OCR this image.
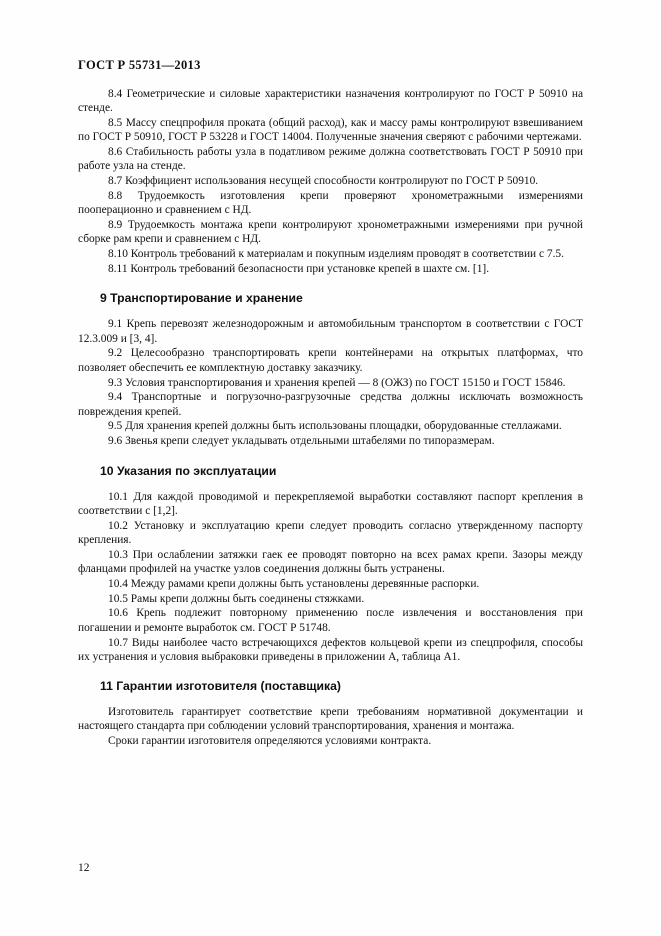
ГОСТ Р 55731—2013

8.4 Геометрические и силовые характеристики назначения контролируют по ГОСТ Р 50910 на стенде.

8.5 Массу спецпрофиля проката (общий расход), как и массу рамы контролируют взвешиванием по ГОСТ Р 50910, ГОСТ Р 53228 и ГОСТ 14004. Полученные значения сверяют с рабочими чертежами.

8.6 Стабильность работы узла в податливом режиме должна соответствовать ГОСТ Р 50910 при работе узла на стенде.

8.7 Коэффициент использования несущей способности контролируют по ГОСТ Р 50910.

8.8 Трудоемкость изготовления крепи проверяют хронометражными измерениями пооперационно и сравнением с НД.

8.9 Трудоемкость монтажа крепи контролируют хронометражными измерениями при ручной сборке рам крепи и сравнением с НД.

8.10 Контроль требований к материалам и покупным изделиям проводят в соответствии с 7.5.

8.11 Контроль требований безопасности при установке крепей в шахте см. [1].

9 Транспортирование и хранение

9.1 Крепь перевозят железнодорожным и автомобильным транспортом в соответствии с ГОСТ 12.3.009 и [3, 4].

9.2 Целесообразно транспортировать крепи контейнерами на открытых платформах, что позволяет обеспечить ее комплектную доставку заказчику.

9.3 Условия транспортирования и хранения крепей — 8 (ОЖЗ) по ГОСТ 15150 и ГОСТ 15846.

9.4 Транспортные и погрузочно-разгрузочные средства должны исключать возможность повреждения крепей.

9.5 Для хранения крепей должны быть использованы площадки, оборудованные стеллажами.

9.6 Звенья крепи следует укладывать отдельными штабелями по типоразмерам.

10 Указания по эксплуатации

10.1 Для каждой проводимой и перекрепляемой выработки составляют паспорт крепления в соответствии с [1,2].

10.2 Установку и эксплуатацию крепи следует проводить согласно утвержденному паспорту крепления.

10.3 При ослаблении затяжки гаек ее проводят повторно на всех рамах крепи. Зазоры между фланцами профилей на участке узлов соединения должны быть устранены.

10.4 Между рамами крепи должны быть установлены деревянные распорки.

10.5 Рамы крепи должны быть соединены стяжками.

10.6 Крепь подлежит повторному применению после извлечения и восстановления при погашении и ремонте выработок см. ГОСТ Р 51748.

10.7 Виды наиболее часто встречающихся дефектов кольцевой крепи из спецпрофиля, способы их устранения и условия выбраковки приведены в приложении А, таблица А1.

11 Гарантии изготовителя (поставщика)

Изготовитель гарантирует соответствие крепи требованиям нормативной документации и настоящего стандарта при соблюдении условий транспортирования, хранения и монтажа.

Сроки гарантии изготовителя определяются условиями контракта.

12
